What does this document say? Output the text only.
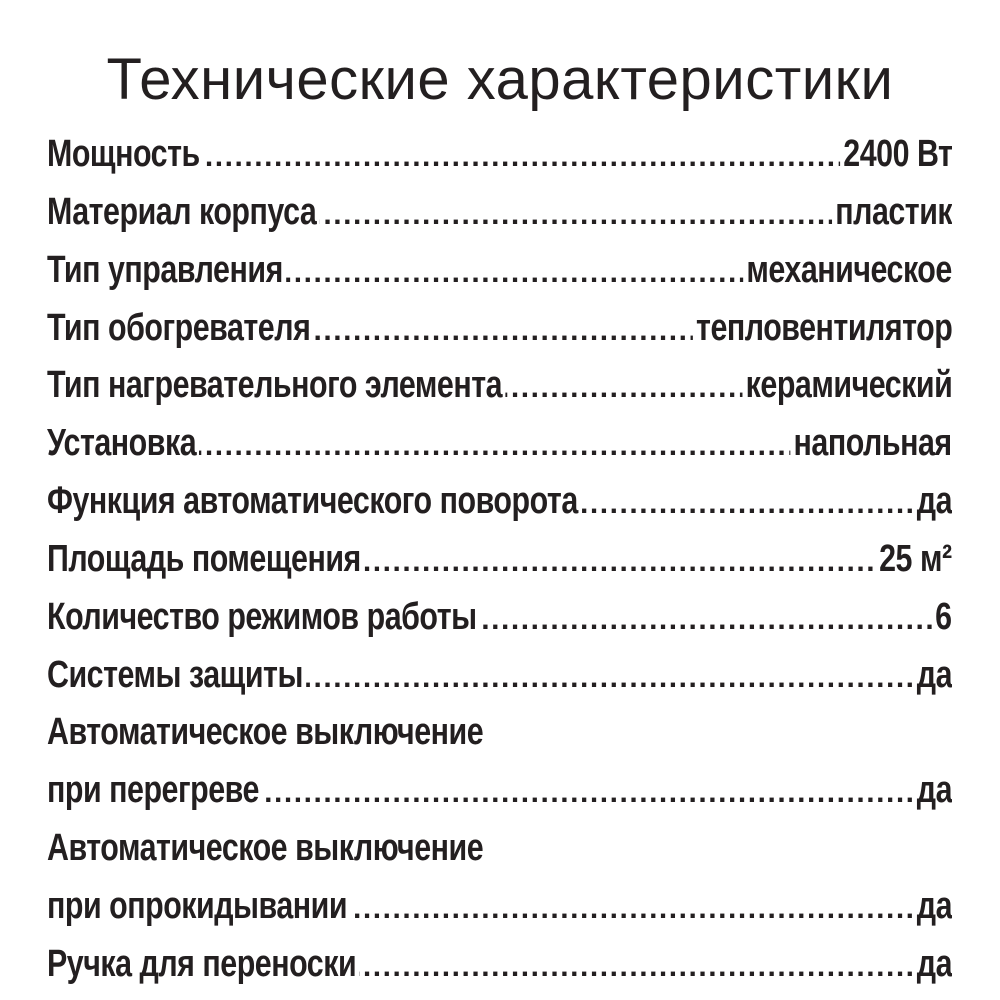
Технические характеристики
Мощность . . .	2400 Вт
Материал корпуса . . .	пластик
Тип управления . . .	механическое
Тип обогревателя . . .	тепловентилятор
Тип нагревательного элемента . . .	керамический
Установка . . .	напольная
Функция автоматического поворота . . .	да
Площадь помещения . . .	25 м²
Количество режимов работы . . .	6
Системы защиты . . .	да
Автоматическое выключение
при перегреве . . .	да
Автоматическое выключение
при опрокидывании . . .	да
Ручка для переноски . . .	да
